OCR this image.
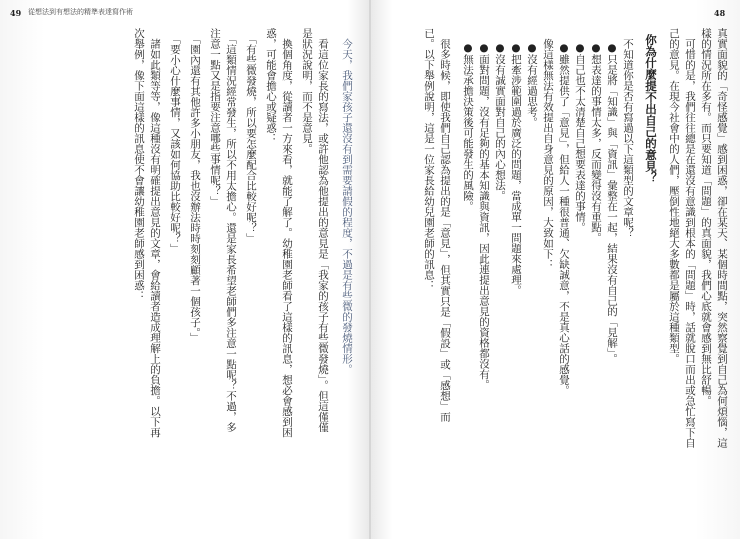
49 從想法到有想法的精準表達寫作術	48
真實面貌的「奇怪感覺」感到困惑，卻在某天、某個時間點，突然察覺到自己為何煩惱，這
樣的情況所在多有。而只要知道「問題」的真面貌，我們心底就會感到無比舒暢。
　可惜的是，我們往往總是在還沒有意識到根本的「問題」時，話就脫口而出或急忙寫下自
己的意見。在現今社會中的人們，壓倒性地絕大多數都是屬於這種類型。
你為什麼提不出自己的意見？
　不知道你是否有寫過以下這類型的文章呢？
●只是將「知識」與「資訊」彙整在一起，結果沒有自己的「見解」。
●想表達的事情太多，反而變得沒有重點。
●自己也不太清楚自己想要表達的事情。
●雖然提供了「意見」，但給人一種很普通、欠缺誠意，不是真心話的感覺。
　像這樣無法有效提出自身意見的原因，大致如下：
●沒有經過思考。
●把牽涉範圍過於廣泛的問題，當成單一問題來處理。
●沒有誠實面對自己的內心想法。
●面對問題，沒有足夠的基本知識與資訊，因此連提出意見的資格都沒有。
●無法承擔決策後可能發生的風險。
　很多時候，即使我們自己認為提出的是「意見」，但其實只是「假設」或「感想」而
已。以下舉例說明，這是一位家長給幼兒園老師的訊息：
　今天，我們家孩子還沒有到需要請假的程度，不過是有些微的發燒情形。
　看這位家長的寫法，或許他認為他提出的意見是「我家的孩子有些微發燒」。但這僅僅
是狀況說明，而不是意見。
　換個角度，從讀者一方來看，就能了解了。幼稚園老師看了這樣的訊息，想必會感到困
惑，可能會擔心或疑惑：
　「有些微發燒，所以要怎麼配合比較好呢？」
　「這類情況經常發生，所以不用太擔心。還是家長希望老師們多注意一點呢？不過，多
注意一點又是指要注意哪些事情呢？」
　「園內還有其他許多小朋友，我也沒辦法時時刻刻顧著一個孩子。」
　「要小心什麼事情，又該如何協助比較好呢？」
　諸如此類等等，像這種沒有明確提出意見的文章，會給讀者造成理解上的負擔。以下再
次舉例，像下面這樣的訊息使不會讓幼稚園老師感到困惑：
